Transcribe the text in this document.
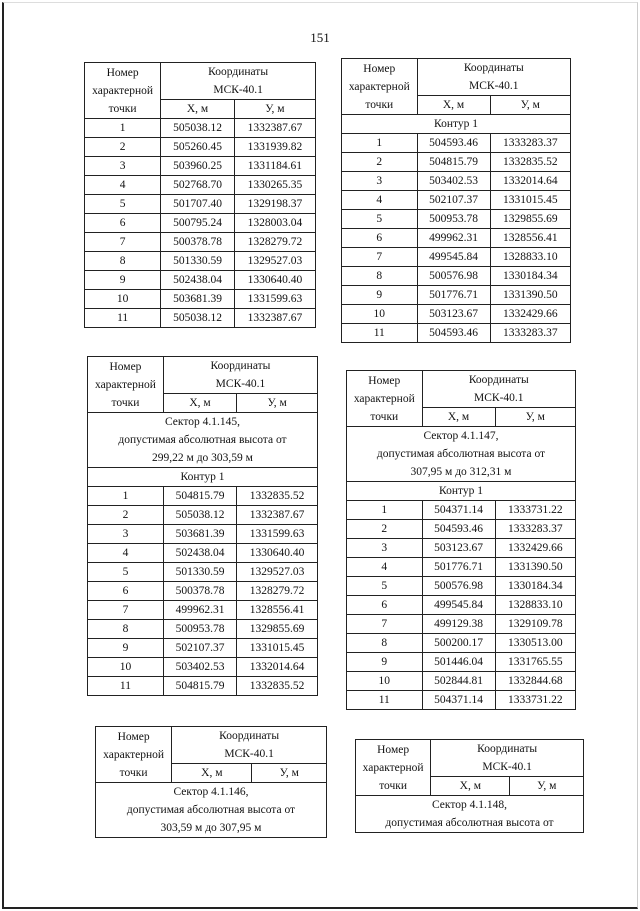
151
Номер
характерной
точки	Координаты
МСК-40.1	
	Х, м	У, м
1	505038.12	1332387.67
2	505260.45	1331939.82
3	503960.25	1331184.61
4	502768.70	1330265.35
5	501707.40	1329198.37
6	500795.24	1328003.04
7	500378.78	1328279.72
8	501330.59	1329527.03
9	502438.04	1330640.40
10	503681.39	1331599.63
11	505038.12	1332387.67
Номер
характерной
точки	Координаты
МСК-40.1	
	Х, м	У, м
Контур 1		
1	504593.46	1333283.37
2	504815.79	1332835.52
3	503402.53	1332014.64
4	502107.37	1331015.45
5	500953.78	1329855.69
6	499962.31	1328556.41
7	499545.84	1328833.10
8	500576.98	1330184.34
9	501776.71	1331390.50
10	503123.67	1332429.66
11	504593.46	1333283.37
Номер
характерной
точки	Координаты
МСК-40.1	
	Х, м	У, м
Сектор 4.1.145,
допустимая абсолютная высота от
299,22 м до 303,59 м		
Контур 1		
1	504815.79	1332835.52
2	505038.12	1332387.67
3	503681.39	1331599.63
4	502438.04	1330640.40
5	501330.59	1329527.03
6	500378.78	1328279.72
7	499962.31	1328556.41
8	500953.78	1329855.69
9	502107.37	1331015.45
10	503402.53	1332014.64
11	504815.79	1332835.52
Номер
характерной
точки	Координаты
МСК-40.1	
	Х, м	У, м
Сектор 4.1.147,
допустимая абсолютная высота от
307,95 м до 312,31 м		
Контур 1		
1	504371.14	1333731.22
2	504593.46	1333283.37
3	503123.67	1332429.66
4	501776.71	1331390.50
5	500576.98	1330184.34
6	499545.84	1328833.10
7	499129.38	1329109.78
8	500200.17	1330513.00
9	501446.04	1331765.55
10	502844.81	1332844.68
11	504371.14	1333731.22
Номер
характерной
точки	Координаты
МСК-40.1	
	Х, м	У, м
Сектор 4.1.146,
допустимая абсолютная высота от
303,59 м до 307,95 м		
Номер
характерной
точки	Координаты
МСК-40.1	
	Х, м	У, м
Сектор 4.1.148,
допустимая абсолютная высота от		
